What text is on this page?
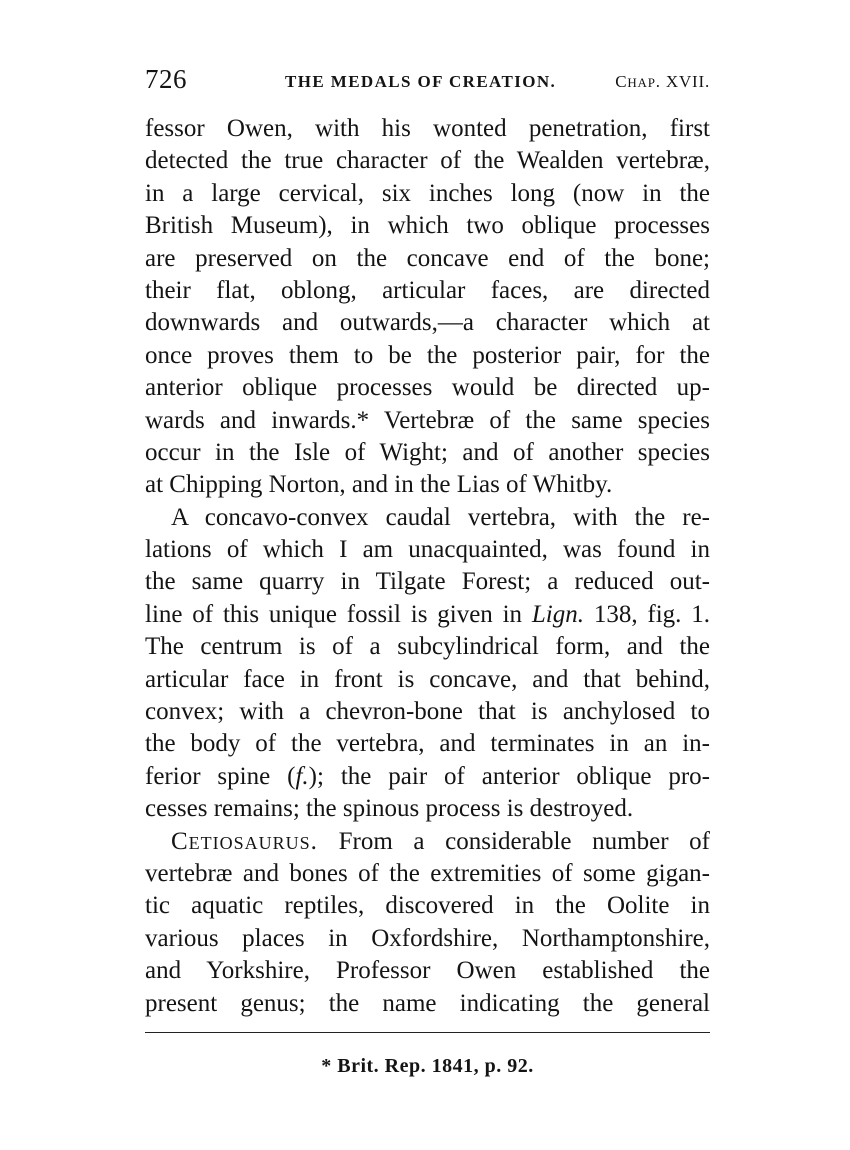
726	THE MEDALS OF CREATION.	CHAP. XVII.
fessor Owen, with his wonted penetration, first
detected the true character of the Wealden vertebræ,
in a large cervical, six inches long (now in the
British Museum), in which two oblique processes
are preserved on the concave end of the bone;
their flat, oblong, articular faces, are directed
downwards and outwards,—a character which at
once proves them to be the posterior pair, for the
anterior oblique processes would be directed up-
wards and inwards.* Vertebræ of the same species
occur in the Isle of Wight; and of another species
at Chipping Norton, and in the Lias of Whitby.
A concavo-convex caudal vertebra, with the re-
lations of which I am unacquainted, was found in
the same quarry in Tilgate Forest; a reduced out-
line of this unique fossil is given in Lign. 138, fig. 1.
The centrum is of a subcylindrical form, and the
articular face in front is concave, and that behind,
convex; with a chevron-bone that is anchylosed to
the body of the vertebra, and terminates in an in-
ferior spine (f.); the pair of anterior oblique pro-
cesses remains; the spinous process is destroyed.
Cetiosaurus. From a considerable number of
vertebræ and bones of the extremities of some gigan-
tic aquatic reptiles, discovered in the Oolite in
various places in Oxfordshire, Northamptonshire,
and Yorkshire, Professor Owen established the
present genus; the name indicating the general
* Brit. Rep. 1841, p. 92.
